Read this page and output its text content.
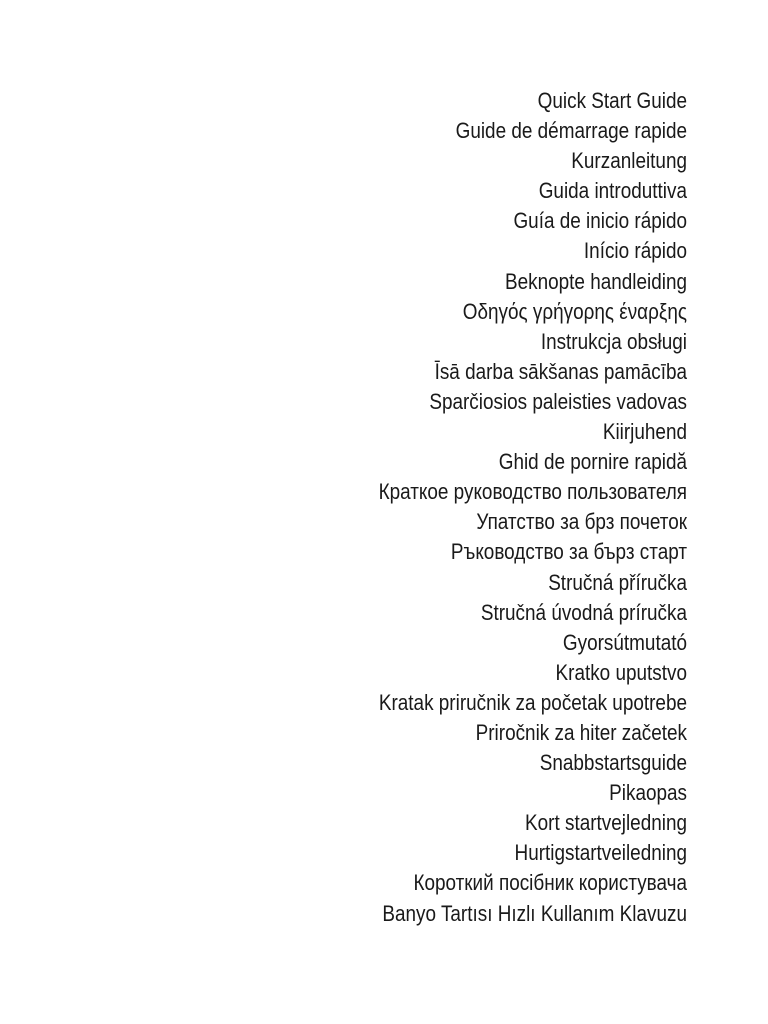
Quick Start Guide
Guide de démarrage rapide
Kurzanleitung
Guida introduttiva
Guía de inicio rápido
Início rápido
Beknopte handleiding
Οδηγός γρήγορης έναρξης
Instrukcja obsługi
Īsā darba sākšanas pamācība
Sparčiosios paleisties vadovas
Kiirjuhend
Ghid de pornire rapidă
Краткое руководство пользователя
Упатство за брз почеток
Ръководство за бърз старт
Stručná příručka
Stručná úvodná príručka
Gyorsútmutató
Kratko uputstvo
Kratak priručnik za početak upotrebe
Priročnik za hiter začetek
Snabbstartsguide
Pikaopas
Kort startvejledning
Hurtigstartveiledning
Короткий посібник користувача
Banyo Tartısı Hızlı Kullanım Klavuzu
